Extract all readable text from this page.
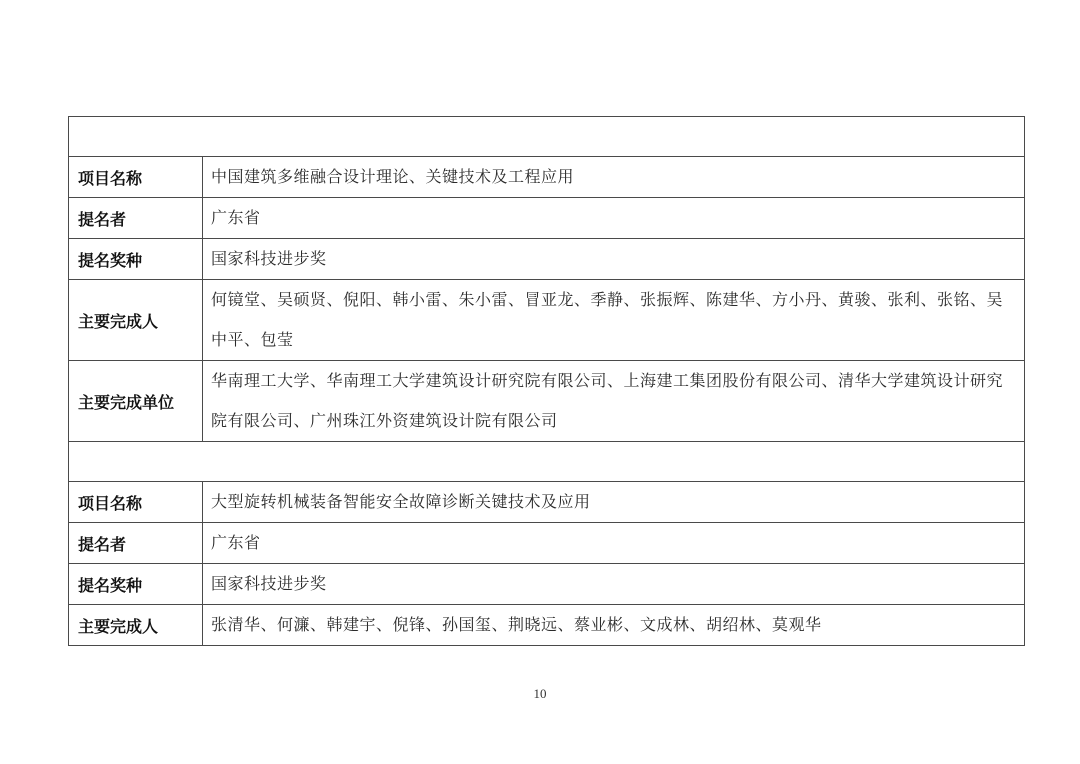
项目名称	中国建筑多维融合设计理论、关键技术及工程应用
提名者	广东省
提名奖种	国家科技进步奖
主要完成人	何镜堂、吴硕贤、倪阳、韩小雷、朱小雷、冒亚龙、季静、张振辉、陈建华、方小丹、黄骏、张利、张铭、吴中平、包莹
主要完成单位	华南理工大学、华南理工大学建筑设计研究院有限公司、上海建工集团股份有限公司、清华大学建筑设计研究院有限公司、广州珠江外资建筑设计院有限公司

项目名称	大型旋转机械装备智能安全故障诊断关键技术及应用
提名者	广东省
提名奖种	国家科技进步奖
主要完成人	张清华、何濂、韩建宇、倪锋、孙国玺、荆晓远、蔡业彬、文成林、胡绍林、莫观华
10
